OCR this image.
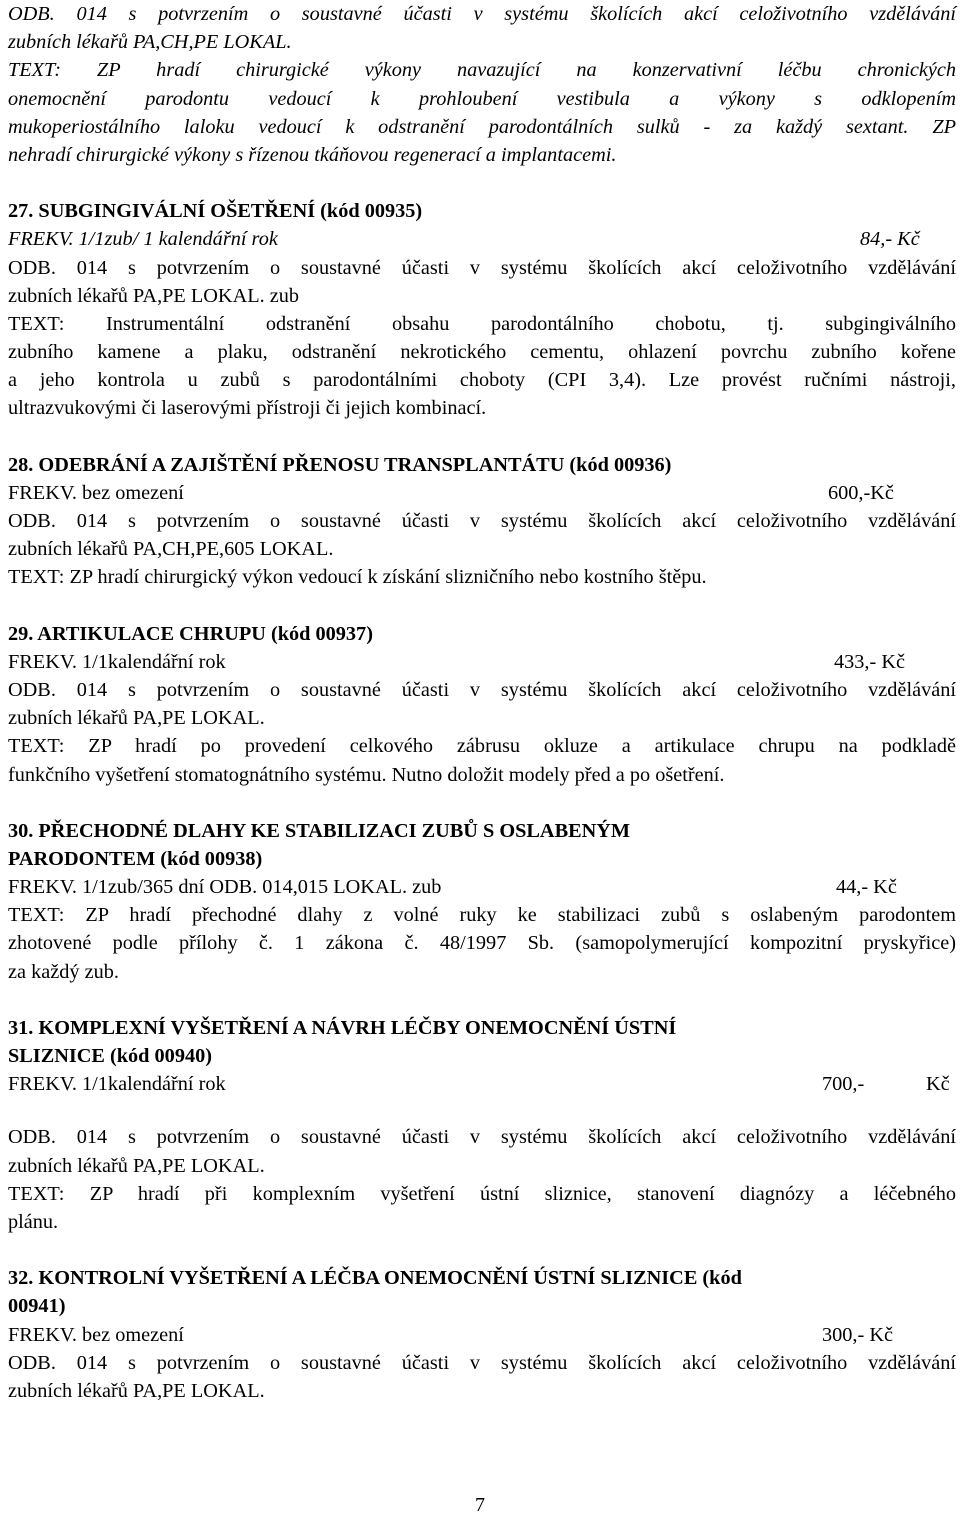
ODB. 014 s potvrzením o soustavné účasti v systému školících akcí celoživotního vzdělávání
zubních lékařů PA,CH,PE LOKAL.
TEXT: ZP hradí chirurgické výkony navazující na konzervativní léčbu chronických
onemocnění parodontu vedoucí k prohloubení vestibula a výkony s odklopením
mukoperiostálního laloku vedoucí k odstranění parodontálních sulků - za každý sextant. ZP
nehradí chirurgické výkony s řízenou tkáňovou regenerací a implantacemi.
27. SUBGINGIVÁLNÍ OŠETŘENÍ (kód 00935)
FREKV. 1/1zub/ 1 kalendářní rok	84,- Kč
ODB. 014 s potvrzením o soustavné účasti v systému školících akcí celoživotního vzdělávání
zubních lékařů PA,PE LOKAL. zub
TEXT: Instrumentální odstranění obsahu parodontálního chobotu, tj. subgingiválního
zubního kamene a plaku, odstranění nekrotického cementu, ohlazení povrchu zubního kořene
a jeho kontrola u zubů s parodontálními choboty (CPI 3,4). Lze provést ručními nástroji,
ultrazvukovými či laserovými přístroji či jejich kombinací.
28. ODEBRÁNÍ A ZAJIŠTĚNÍ PŘENOSU TRANSPLANTÁTU (kód 00936)
FREKV. bez omezení	600,-Kč
ODB. 014 s potvrzením o soustavné účasti v systému školících akcí celoživotního vzdělávání
zubních lékařů PA,CH,PE,605 LOKAL.
TEXT: ZP hradí chirurgický výkon vedoucí k získání slizničního nebo kostního štěpu.
29. ARTIKULACE CHRUPU (kód 00937)
FREKV. 1/1kalendářní rok	433,- Kč
ODB. 014 s potvrzením o soustavné účasti v systému školících akcí celoživotního vzdělávání
zubních lékařů PA,PE LOKAL.
TEXT: ZP hradí po provedení celkového zábrusu okluze a artikulace chrupu na podkladě
funkčního vyšetření stomatognátního systému. Nutno doložit modely před a po ošetření.
30. PŘECHODNÉ DLAHY KE STABILIZACI ZUBŮ S OSLABENÝM
PARODONTEM (kód 00938)
FREKV. 1/1zub/365 dní ODB. 014,015 LOKAL. zub	44,- Kč
TEXT: ZP hradí přechodné dlahy z volné ruky ke stabilizaci zubů s oslabeným parodontem
zhotovené podle přílohy č. 1 zákona č. 48/1997 Sb. (samopolymerující kompozitní pryskyřice)
za každý zub.
31. KOMPLEXNÍ VYŠETŘENÍ A NÁVRH LÉČBY ONEMOCNĚNÍ ÚSTNÍ
SLIZNICE (kód 00940)
FREKV. 1/1kalendářní rok	700,-	Kč
ODB. 014 s potvrzením o soustavné účasti v systému školících akcí celoživotního vzdělávání
zubních lékařů PA,PE LOKAL.
TEXT: ZP hradí při komplexním vyšetření ústní sliznice, stanovení diagnózy a léčebného
plánu.
32. KONTROLNÍ VYŠETŘENÍ A LÉČBA ONEMOCNĚNÍ ÚSTNÍ SLIZNICE (kód
00941)
FREKV. bez omezení	300,- Kč
ODB. 014 s potvrzením o soustavné účasti v systému školících akcí celoživotního vzdělávání
zubních lékařů PA,PE LOKAL.
7
